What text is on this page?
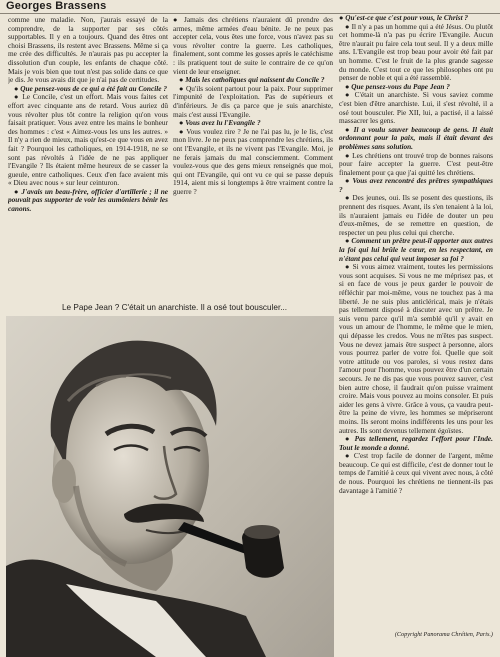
Georges Brassens

comme une maladie. Non, j'aurais essayé de la comprendre, de la supporter par ses côtés supportables. Il y en a toujours. Quand des êtres ont choisi Brassens, ils restent avec Brassens. Même si ça me crée des difficultés. Je n'aurais pas pu accepter la dissolution d'un couple, les enfants de chaque côté. Mais je vois bien que tout n'est pas solide dans ce que je dis. Je vous avais dit que je n'ai pas de certitudes.

● Que pensez-vous de ce qui a été fait au Concile ?

● Le Concile, c'est un effort. Mais vous faites cet effort avec cinquante ans de retard. Vous auriez dû vous révolter plus tôt contre la religion qu'on vous faisait pratiquer. Vous avez entre les mains le bonheur des hommes : c'est « Aimez-vous les uns les autres. » Il n'y a rien de mieux, mais qu'est-ce que vous en avez fait ? Pourquoi les catholiques, en 1914-1918, ne se sont pas révoltés à l'idée de ne pas appliquer l'Evangile ? Ils étaient même heureux de se casser la gueule, entre catholiques. Ceux d'en face avaient mis « Dieu avec nous » sur leur ceinturon.

● J'avais un beau-frère, officier d'artillerie ; il ne pouvait pas supporter de voir les aumôniers bénir les canons.

● Jamais des chrétiens n'auraient dû prendre des armes, même armées d'eau bénite. Je ne peux pas accepter cela, vous êtes une force, vous n'avez pas su vous révolter contre la guerre. Les catholiques, finalement, sont comme les gosses après le catéchisme : ils pratiquent tout de suite le contraire de ce qu'on vient de leur enseigner.

● Mais les catholiques qui naissent du Concile ?

● Qu'ils soient partout pour la paix. Pour supprimer l'impunité de l'exploitation. Pas de supérieurs et d'inférieurs. Je dis ça parce que je suis anarchiste, mais c'est aussi l'Evangile.

● Vous avez lu l'Evangile ?

● Vous voulez rire ? Je ne l'ai pas lu, je le lis, c'est mon livre. Je ne peux pas comprendre les chrétiens, ils ont l'Evangile, et ils ne vivent pas l'Evangile. Moi, je ne ferais jamais du mal consciemment. Comment voulez-vous que des gens mieux renseignés que moi, qui ont l'Evangile, qui ont vu ce qui se passe depuis 1914, aient mis si longtemps à être vraiment contre la guerre ?

● Qu'est-ce que c'est pour vous, le Christ ?

● Il n'y a pas un homme qui a été Jésus. Ou plutôt cet homme-là n'a pas pu écrire l'Evangile. Aucun être n'aurait pu faire cela tout seul. Il y a deux mille ans. L'Evangile est trop beau pour avoir été fait par un homme. C'est le fruit de la plus grande sagesse du monde. C'est tout ce que les philosophes ont pu penser de noble et qui a été rassemblé.

● Que pensez-vous du Pape Jean ?

● C'était un anarchiste. Si vous saviez comme c'est bien d'être anarchiste. Lui, il s'est révolté, il a osé tout bousculer. Pie XII, lui, a pactisé, il a laissé massacrer les gens.

● Il a voulu sauver beaucoup de gens. Il était ordonnant pour la paix, mais il était devant des problèmes sans solution.

● Les chrétiens ont trouvé trop de bonnes raisons pour faire accepter la guerre. C'est peut-être finalement pour ça que j'ai quitté les chrétiens.

● Vous avez rencontré des prêtres sympathiques ?

● Des jeunes, oui. Ils se posent des questions, ils prennent des risques. Avant, ils s'en tenaient à la loi, ils n'auraient jamais eu l'idée de douter un peu d'eux-mêmes, de se remettre en question, de respecter un peu plus celui qui cherche.

● Comment un prêtre peut-il apporter aux autres la foi qui lui brûle le cœur, en les respectant, en n'étant pas celui qui veut imposer sa foi ?

● Si vous aimez vraiment, toutes les permissions vous sont acquises. Si vous ne me méprisez pas, et si en face de vous je peux garder le pouvoir de réfléchir par moi-même, vous ne touchez pas à ma liberté. Je ne suis plus anticlérical, mais je n'étais pas tellement disposé à discuter avec un prêtre. Je suis venu parce qu'il m'a semblé qu'il y avait en vous un amour de l'homme, le même que le mien, qui dépasse les credos. Vous ne m'êtes pas suspect. Vous ne devez jamais être suspect à personne, alors vous pourrez parler de votre foi. Quelle que soit votre attitude ou vos paroles, si vous restez dans l'amour pour l'homme, vous pouvez être d'un certain secours. Je ne dis pas que vous pouvez sauver, c'est bien autre chose, il faudrait qu'on puisse vraiment croire. Mais vous pouvez au moins consoler. Et puis aider les gens à vivre. Grâce à vous, ça vaudra peut-être la peine de vivre, les hommes se mépriseront moins. Ils seront moins indifférents les uns pour les autres. Ils sont devenus tellement égoïstes.

● Pas tellement, regardez l'effort pour l'Inde. Tout le monde a donné.

● C'est trop facile de donner de l'argent, même beaucoup. Ce qui est difficile, c'est de donner tout le temps de l'amitié à ceux qui vivent avec nous, à côté de nous. Pourquoi les chrétiens ne tiennent-ils pas davantage à l'amitié ?

Le Pape Jean ? C'était un anarchiste. Il a osé tout bousculer...
(Copyright Panorama Chrétien, Paris.)
